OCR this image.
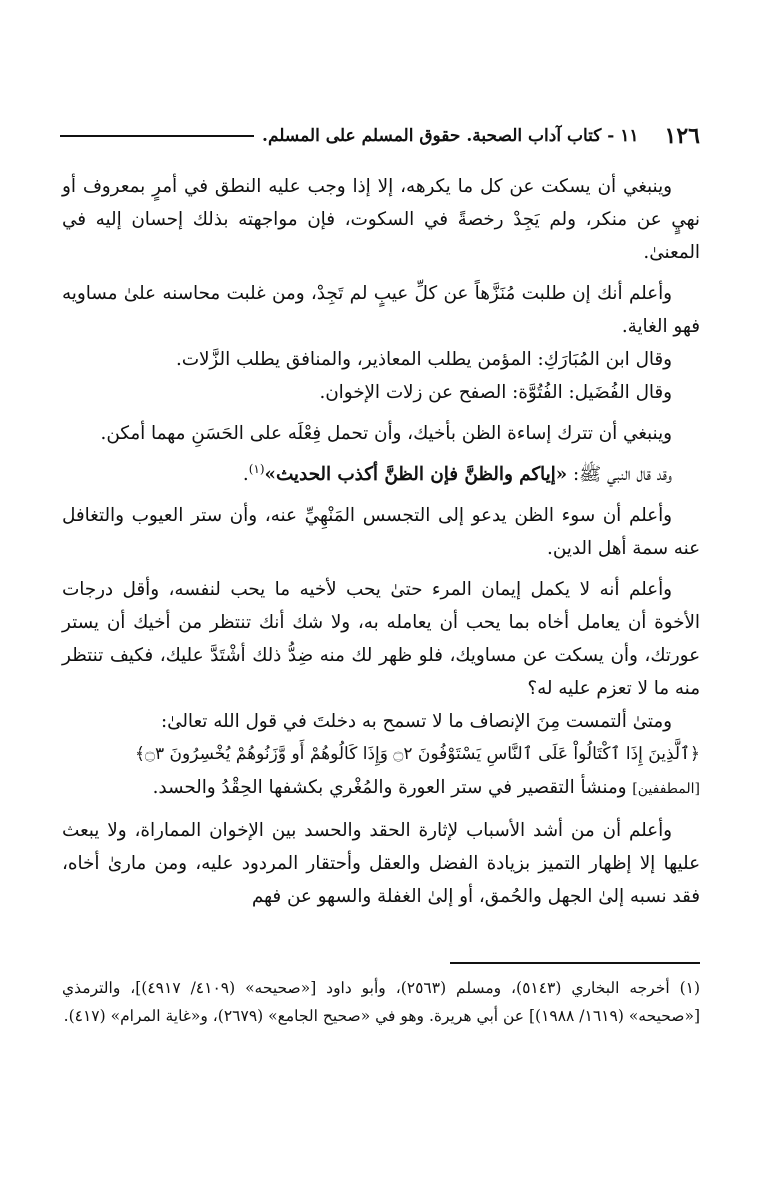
١٢٦
١١ - كتاب آداب الصحبة. حقوق المسلم على المسلم.

وينبغي أن يسكت عن كل ما يكرهه، إلا إذا وجب عليه النطق في أمرٍ بمعروف أو نهيٍ عن منكر، ولم يَجِدْ رخصةً في السكوت، فإن مواجهته بذلك إحسان إليه في المعنىٰ.

وأعلم أنك إن طلبت مُنَزَّهاً عن كلِّ عيبٍ لم تَجِدْ، ومن غلبت محاسنه علىٰ مساويه فهو الغاية.

وقال ابن المُبَارَكِ: المؤمن يطلب المعاذير، والمنافق يطلب الزَّلات.

وقال الفُضَيل: الفُتُوَّة: الصفح عن زلات الإخوان.

وينبغي أن تترك إساءة الظن بأخيك، وأن تحمل فِعْلَه على الحَسَنِ مهما أمكن.

وقد قال النبي ﷺ: «إياكم والظنَّ فإن الظنَّ أكذب الحديث»$^{(١)}$.

وأعلم أن سوء الظن يدعو إلى التجسس المَنْهِيِّ عنه، وأن ستر العيوب والتغافل عنه سمة أهل الدين.

وأعلم أنه لا يكمل إيمان المرء حتىٰ يحب لأخيه ما يحب لنفسه، وأقل درجات الأخوة أن يعامل أخاه بما يحب أن يعامله به، ولا شك أنك تنتظر من أخيك أن يستر عورتك، وأن يسكت عن مساويك، فلو ظهر لك منه ضِدُّ ذلك أشْتَدَّ عليك، فكيف تنتظر منه ما لا تعزم عليه له؟

ومتىٰ ألتمست مِنَ الإنصاف ما لا تسمح به دخلتَ في قول الله تعالىٰ:
﴿ٱلَّذِينَ إِذَا ٱكْتَالُواْ عَلَى ٱلنَّاسِ يَسْتَوْفُونَ ۝٢ وَإِذَا كَالُوهُمْ أَو وَّزَنُوهُمْ يُخْسِرُونَ ۝٣﴾
[المطففين] ومنشأ التقصير في ستر العورة والمُغْري بكشفها الحِقْدُ والحسد.

وأعلم أن من أشد الأسباب لإثارة الحقد والحسد بين الإخوان المماراة، ولا يبعث عليها إلا إظهار التميز بزيادة الفضل والعقل وأحتقار المردود عليه، ومن مارىٰ أخاه، فقد نسبه إلىٰ الجهل والحُمق، أو إلىٰ الغفلة والسهو عن فهم

(١) أخرجه البخاري (٥١٤٣)، ومسلم (٢٥٦٣)، وأبو داود [«صحيحه» (٤١٠٩/ ٤٩١٧)]، والترمذي [«صحيحه» (١٦١٩/ ١٩٨٨)] عن أبي هريرة. وهو في «صحيح الجامع» (٢٦٧٩)، و«غاية المرام» (٤١٧).
